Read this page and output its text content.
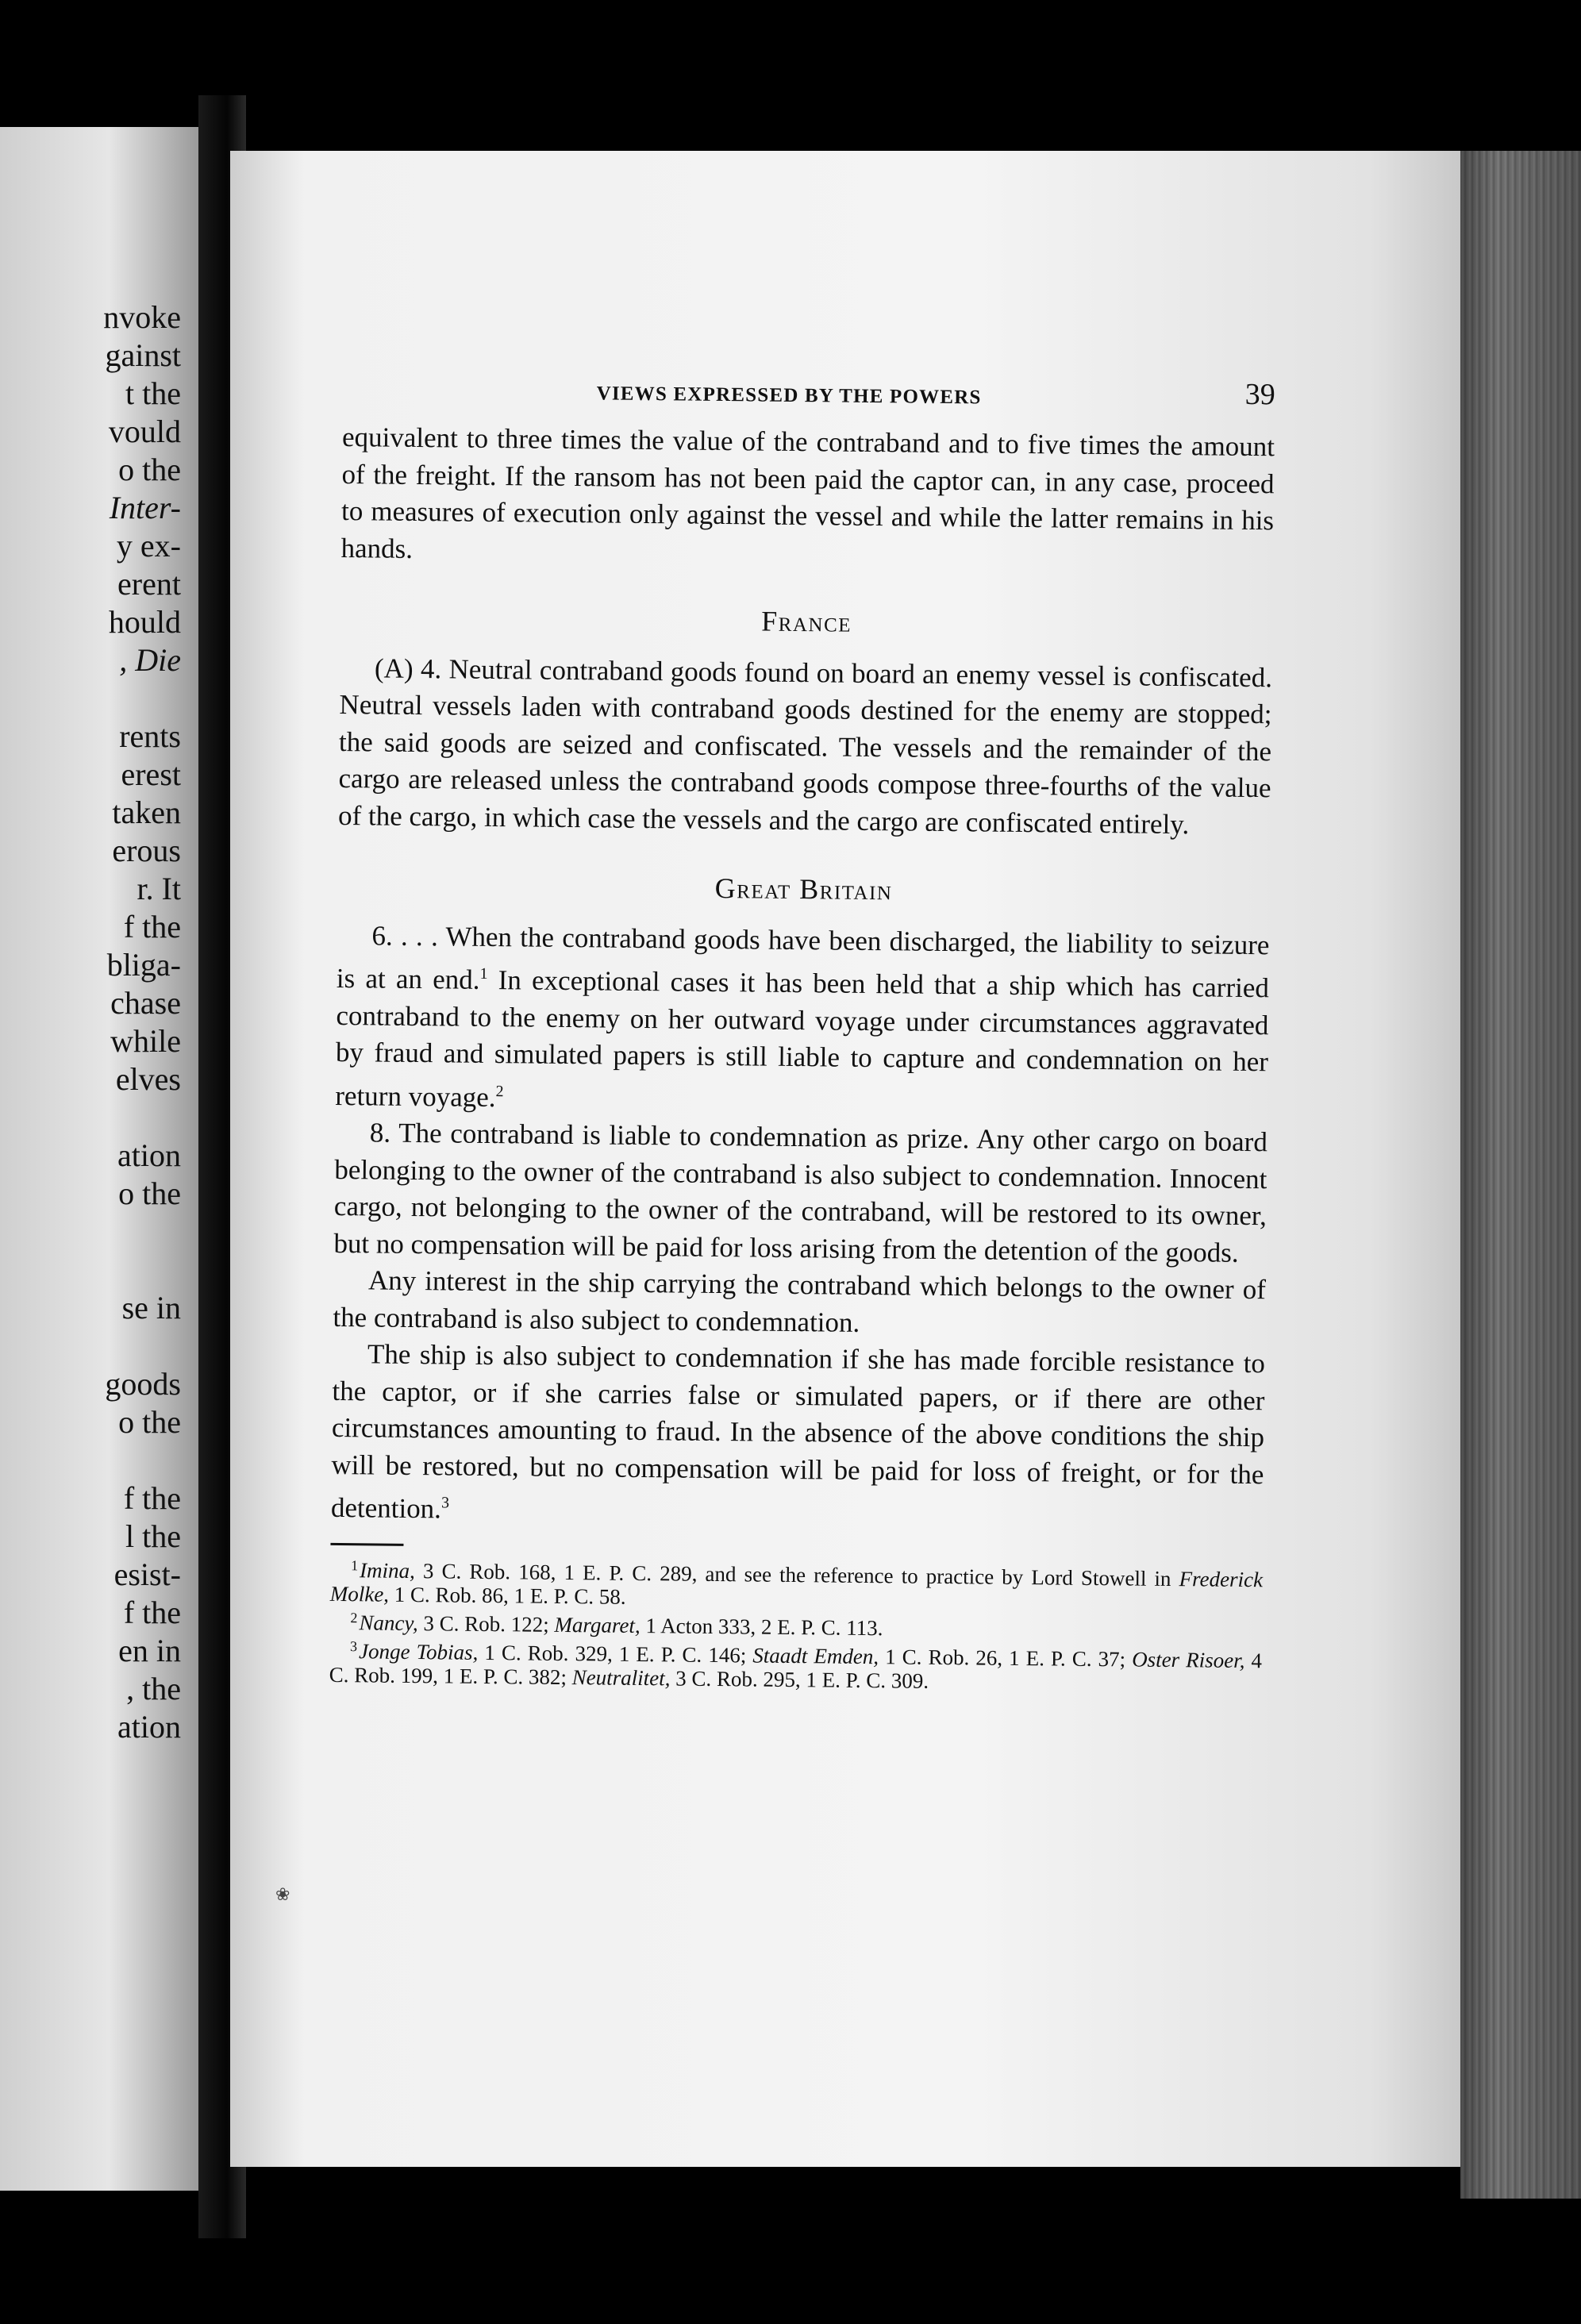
nvoke
gainst
t the
vould
o the
Inter-
y ex-
erent
hould
, Die
rents
erest
taken
erous
r. It
f the
bliga-
chase
while
elves
ation
o the
se in
goods
o the
f the
l the
esist-
f the
en in
, the
ation
VIEWS EXPRESSED BY THE POWERS	39

equivalent to three times the value of the contraband and to five times the amount of the freight. If the ransom has not been paid the captor can, in any case, proceed to measures of execution only against the vessel and while the latter remains in his hands.

France

(A) 4. Neutral contraband goods found on board an enemy vessel is confiscated. Neutral vessels laden with contraband goods destined for the enemy are stopped; the said goods are seized and confiscated. The vessels and the remainder of the cargo are released unless the contraband goods compose three-fourths of the value of the cargo, in which case the vessels and the cargo are confiscated entirely.

Great Britain

6. . . . When the contraband goods have been discharged, the liability to seizure is at an end.$^1$ In exceptional cases it has been held that a ship which has carried contraband to the enemy on her outward voyage under circumstances aggravated by fraud and simulated papers is still liable to capture and condemnation on her return voyage.$^2$

8. The contraband is liable to condemnation as prize. Any other cargo on board belonging to the owner of the contraband is also subject to condemnation. Innocent cargo, not belonging to the owner of the contraband, will be restored to its owner, but no compensation will be paid for loss arising from the detention of the goods.

Any interest in the ship carrying the contraband which belongs to the owner of the contraband is also subject to condemnation.

The ship is also subject to condemnation if she has made forcible resistance to the captor, or if she carries false or simulated papers, or if there are other circumstances amounting to fraud. In the absence of the above conditions the ship will be restored, but no compensation will be paid for loss of freight, or for the detention.$^3$

$^1$Imina, 3 C. Rob. 168, 1 E. P. C. 289, and see the reference to practice by Lord Stowell in Frederick Molke, 1 C. Rob. 86, 1 E. P. C. 58.

$^2$Nancy, 3 C. Rob. 122; Margaret, 1 Acton 333, 2 E. P. C. 113.

$^3$Jonge Tobias, 1 C. Rob. 329, 1 E. P. C. 146; Staadt Emden, 1 C. Rob. 26, 1 E. P. C. 37; Oster Risoer, 4 C. Rob. 199, 1 E. P. C. 382; Neutralitet, 3 C. Rob. 295, 1 E. P. C. 309.

❀
